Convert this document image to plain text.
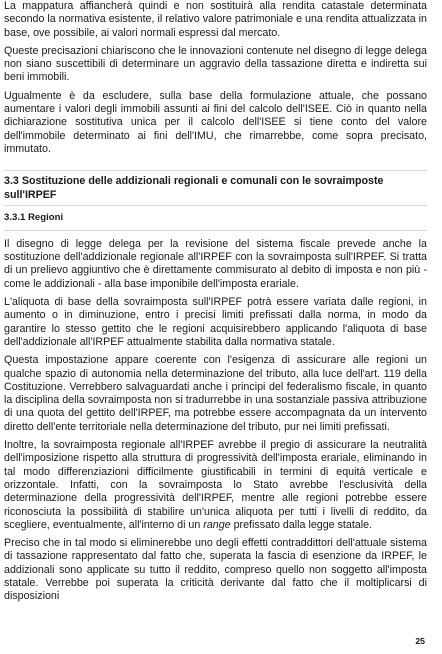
La mappatura affiancherà quindi e non sostituirà alla rendita catastale determinata secondo la normativa esistente, il relativo valore patrimoniale e una rendita attualizzata in base, ove possibile, ai valori normali espressi dal mercato.

Queste precisazioni chiariscono che le innovazioni contenute nel disegno di legge delega non siano suscettibili di determinare un aggravio della tassazione diretta e indiretta sui beni immobili.

Ugualmente è da escludere, sulla base della formulazione attuale, che possano aumentare i valori degli immobili assunti ai fini del calcolo dell'ISEE. Ciò in quanto nella dichiarazione sostitutiva unica per il calcolo dell'ISEE si tiene conto del valore dell'immobile determinato ai fini dell'IMU, che rimarrebbe, come sopra precisato, immutato.

3.3 Sostituzione delle addizionali regionali e comunali con le sovraimposte sull'IRPEF
3.3.1 Regioni

Il disegno di legge delega per la revisione del sistema fiscale prevede anche la sostituzione dell'addizionale regionale all'IRPEF con la sovraimposta sull'IRPEF. Si tratta di un prelievo aggiuntivo che è direttamente commisurato al debito di imposta e non più - come le addizionali - alla base imponibile dell'imposta erariale.

L'aliquota di base della sovraimposta sull'IRPEF potrà essere variata dalle regioni, in aumento o in diminuzione, entro i precisi limiti prefissati dalla norma, in modo da garantire lo stesso gettito che le regioni acquisirebbero applicando l'aliquota di base dell'addizionale all'IRPEF attualmente stabilita dalla normativa statale.

Questa impostazione appare coerente con l'esigenza di assicurare alle regioni un qualche spazio di autonomia nella determinazione del tributo, alla luce dell'art. 119 della Costituzione. Verrebbero salvaguardati anche i principi del federalismo fiscale, in quanto la disciplina della sovraimposta non si tradurrebbe in una sostanziale passiva attribuzione di una quota del gettito dell'IRPEF, ma potrebbe essere accompagnata da un intervento diretto dell'ente territoriale nella determinazione del tributo, pur nei limiti prefissati.

Inoltre, la sovraimposta regionale all'IRPEF avrebbe il pregio di assicurare la neutralità dell'imposizione rispetto alla struttura di progressività dell'imposta erariale, eliminando in tal modo differenziazioni difficilmente giustificabili in termini di equità verticale e orizzontale. Infatti, con la sovraimposta lo Stato avrebbe l'esclusività della determinazione della progressività dell'IRPEF, mentre alle regioni potrebbe essere riconosciuta la possibilità di stabilire un'unica aliquota per tutti i livelli di reddito, da scegliere, eventualmente, all'interno di un range prefissato dalla legge statale.

Preciso che in tal modo si eliminerebbe uno degli effetti contraddittori dell'attuale sistema di tassazione rappresentato dal fatto che, superata la fascia di esenzione da IRPEF, le addizionali sono applicate su tutto il reddito, compreso quello non soggetto all'imposta statale. Verrebbe poi superata la criticità derivante dal fatto che il moltiplicarsi di disposizioni

25
